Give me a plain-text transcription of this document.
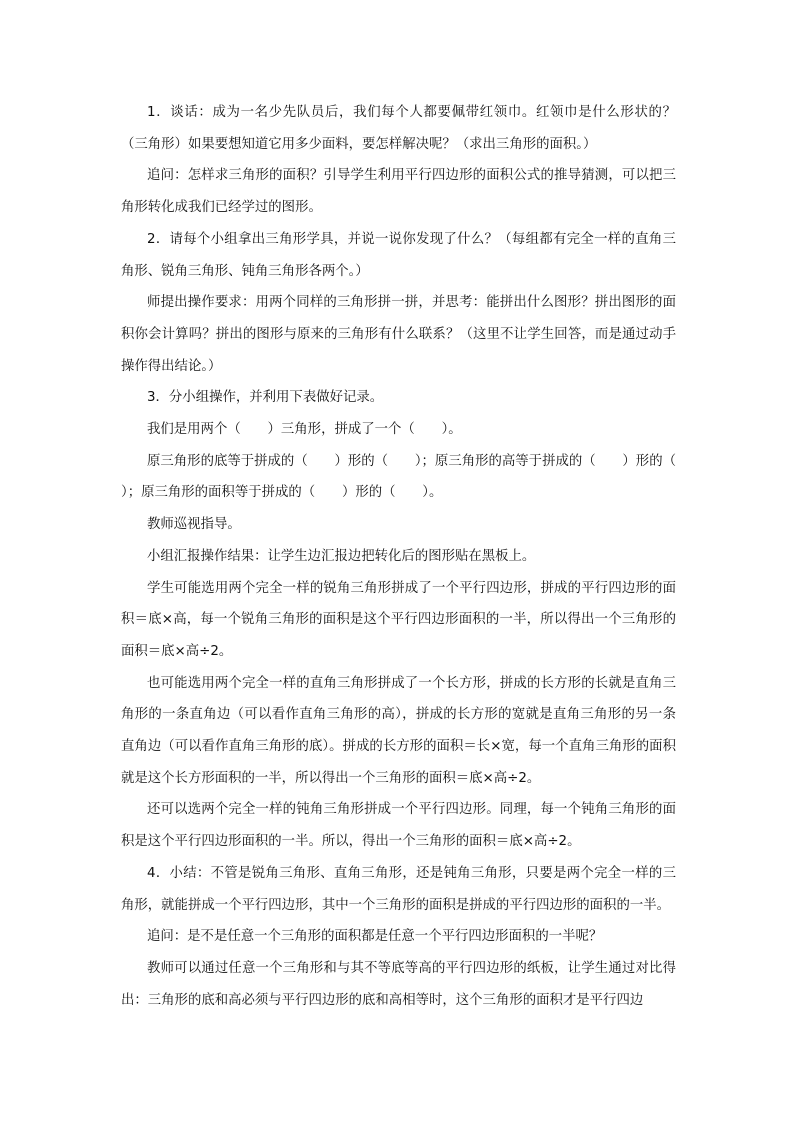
1．谈话：成为一名少先队员后，我们每个人都要佩带红领巾。红领巾是什么形状的？（三角形）如果要想知道它用多少面料，要怎样解决呢？（求出三角形的面积。）

追问：怎样求三角形的面积？引导学生利用平行四边形的面积公式的推导猜测，可以把三角形转化成我们已经学过的图形。

2．请每个小组拿出三角形学具，并说一说你发现了什么？（每组都有完全一样的直角三角形、锐角三角形、钝角三角形各两个。）

师提出操作要求：用两个同样的三角形拼一拼，并思考：能拼出什么图形？拼出图形的面积你会计算吗？拼出的图形与原来的三角形有什么联系？（这里不让学生回答，而是通过动手操作得出结论。）

3．分小组操作，并利用下表做好记录。

我们是用两个（　　）三角形，拼成了一个（　　）。

原三角形的底等于拼成的（　　）形的（　　）；原三角形的高等于拼成的（　　）形的（　　）；原三角形的面积等于拼成的（　　）形的（　　）。

教师巡视指导。

小组汇报操作结果：让学生边汇报边把转化后的图形贴在黑板上。

学生可能选用两个完全一样的锐角三角形拼成了一个平行四边形，拼成的平行四边形的面积＝底×高，每一个锐角三角形的面积是这个平行四边形面积的一半，所以得出一个三角形的面积＝底×高÷2。

也可能选用两个完全一样的直角三角形拼成了一个长方形，拼成的长方形的长就是直角三角形的一条直角边（可以看作直角三角形的高），拼成的长方形的宽就是直角三角形的另一条直角边（可以看作直角三角形的底）。拼成的长方形的面积＝长×宽，每一个直角三角形的面积就是这个长方形面积的一半，所以得出一个三角形的面积＝底×高÷2。

还可以选两个完全一样的钝角三角形拼成一个平行四边形。同理，每一个钝角三角形的面积是这个平行四边形面积的一半。所以，得出一个三角形的面积＝底×高÷2。

4．小结：不管是锐角三角形、直角三角形，还是钝角三角形，只要是两个完全一样的三角形，就能拼成一个平行四边形，其中一个三角形的面积是拼成的平行四边形的面积的一半。

追问：是不是任意一个三角形的面积都是任意一个平行四边形面积的一半呢？

教师可以通过任意一个三角形和与其不等底等高的平行四边形的纸板，让学生通过对比得出：三角形的底和高必须与平行四边形的底和高相等时，这个三角形的面积才是平行四边
